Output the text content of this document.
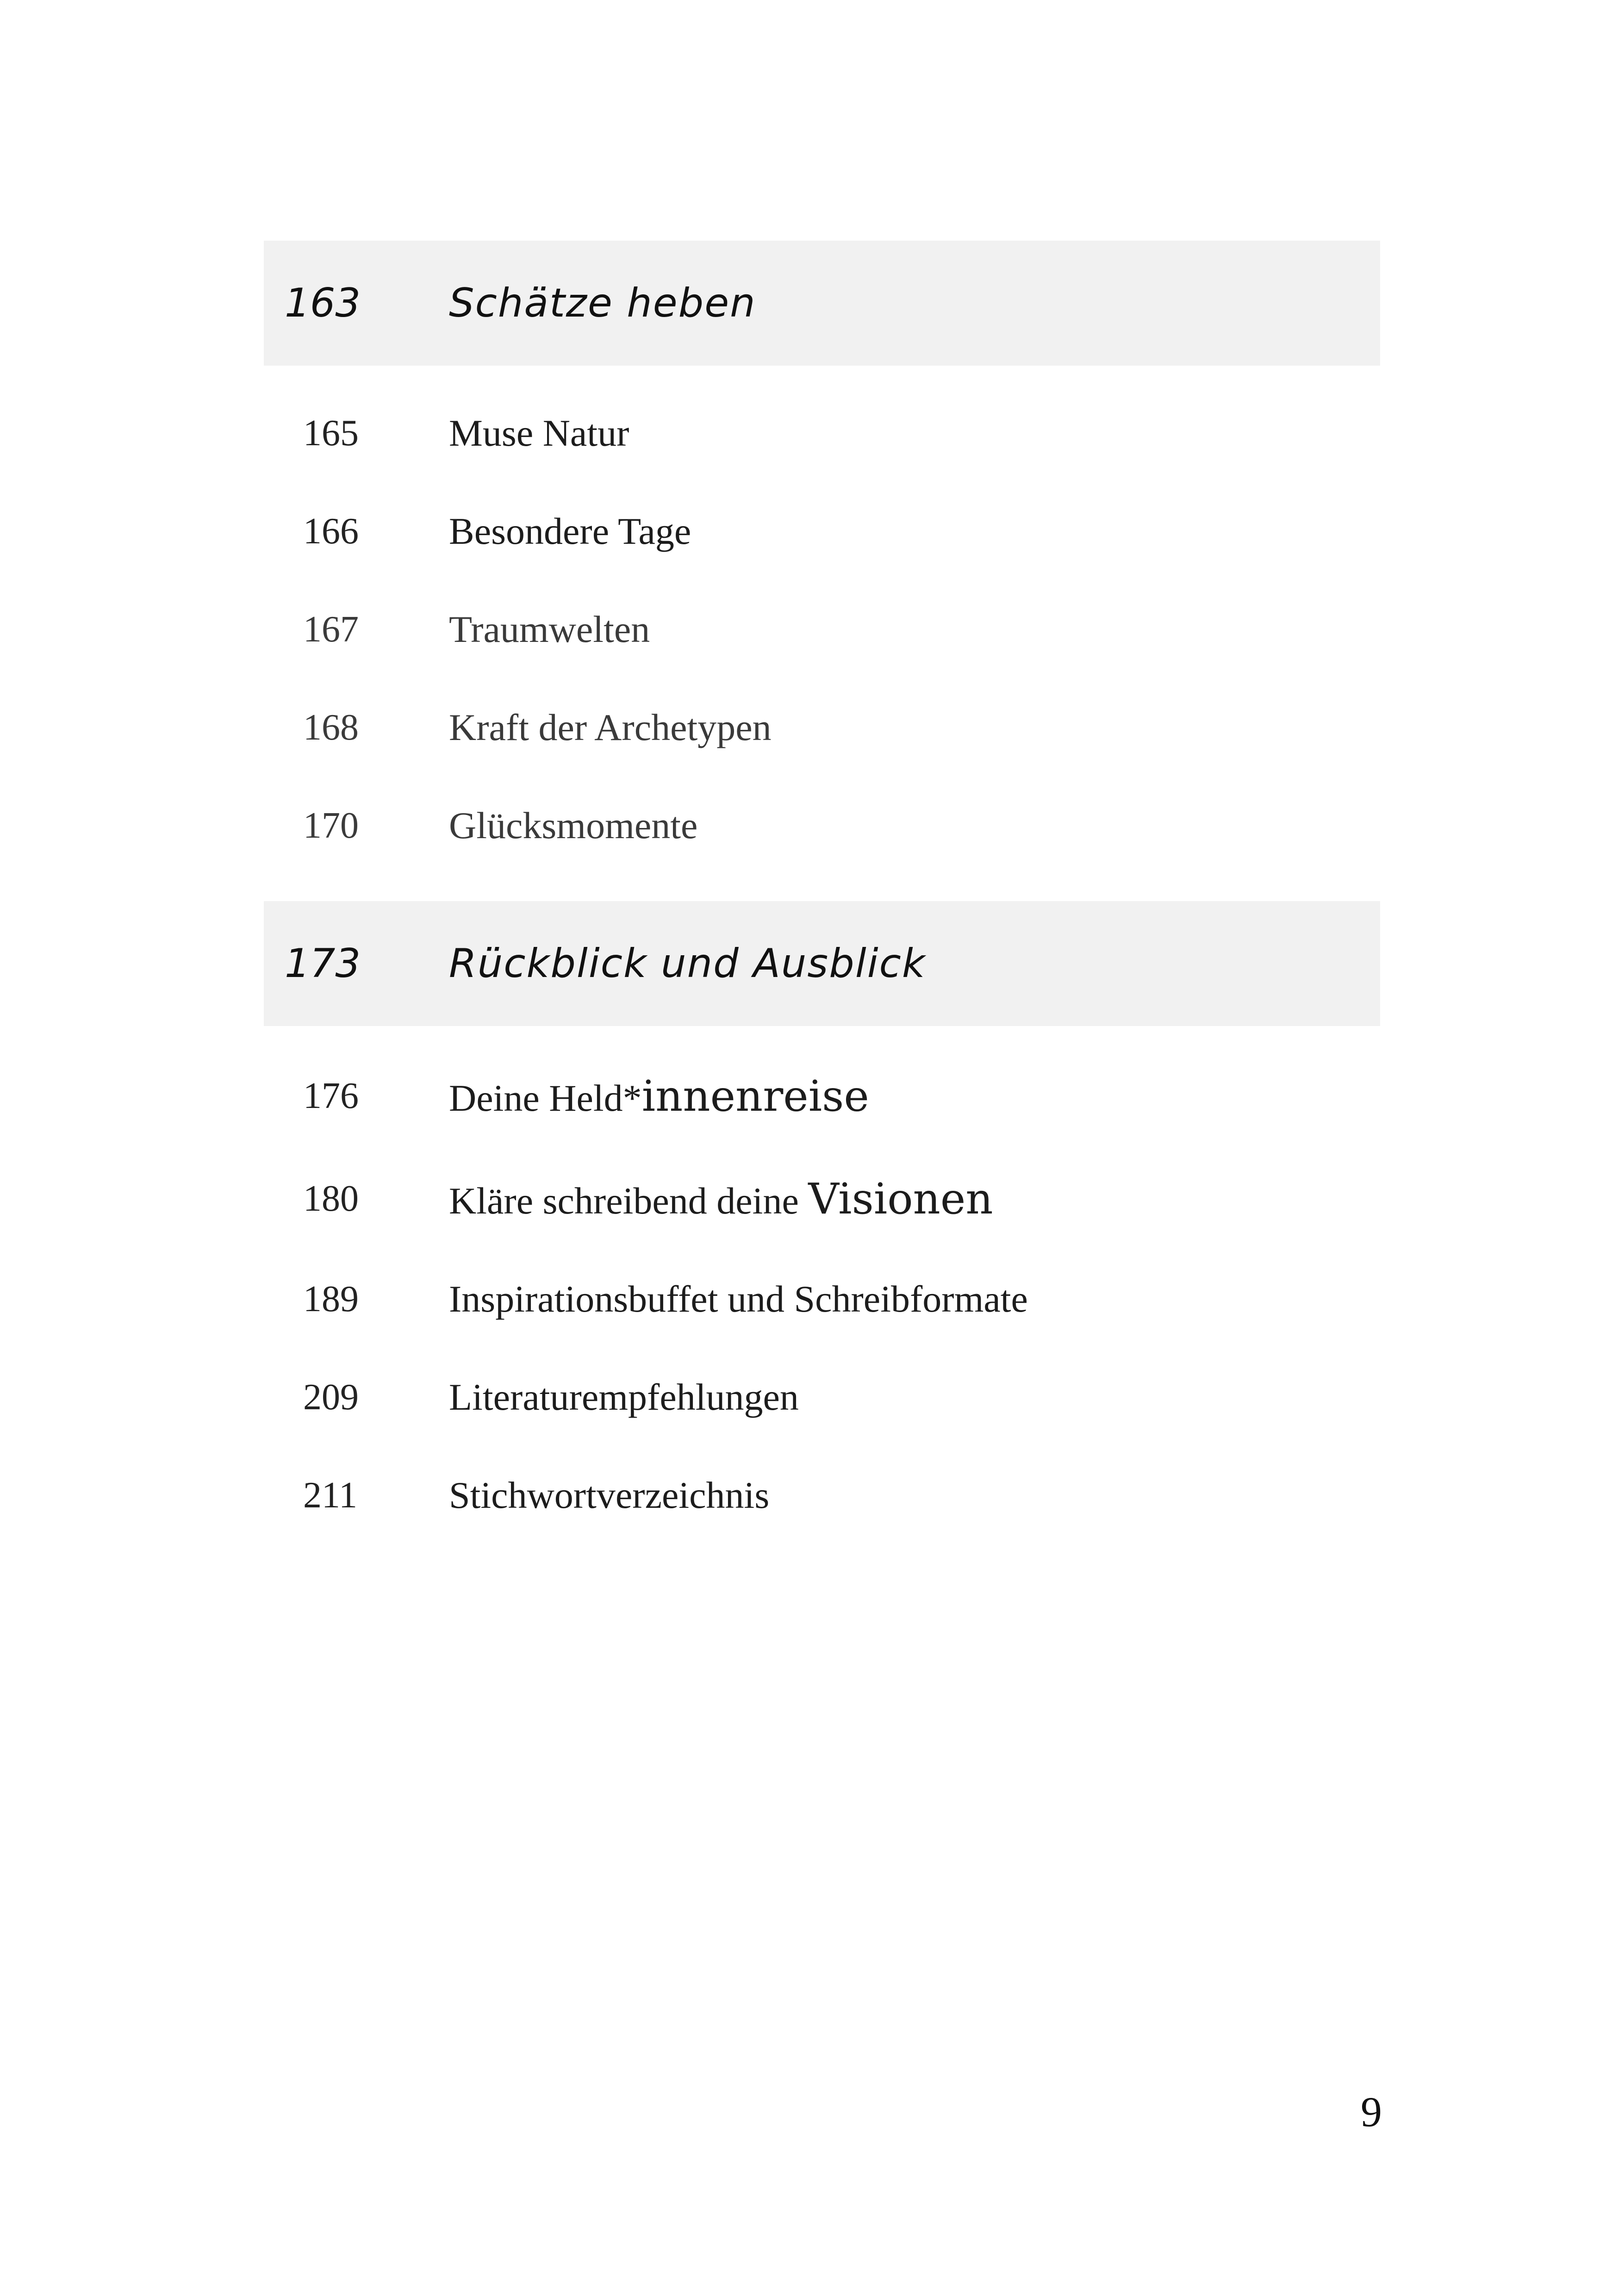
163	Schätze heben
165	Muse Natur
166	Besondere Tage
167	Traumwelten
168	Kraft der Archetypen
170	Glücksmomente
173	Rückblick und Ausblick
176	Deine Held*innenreise
180	Kläre schreibend deine Visionen
189	Inspirationsbuffet und Schreibformate
209	Literaturempfehlungen
211	Stichwortverzeichnis
9
